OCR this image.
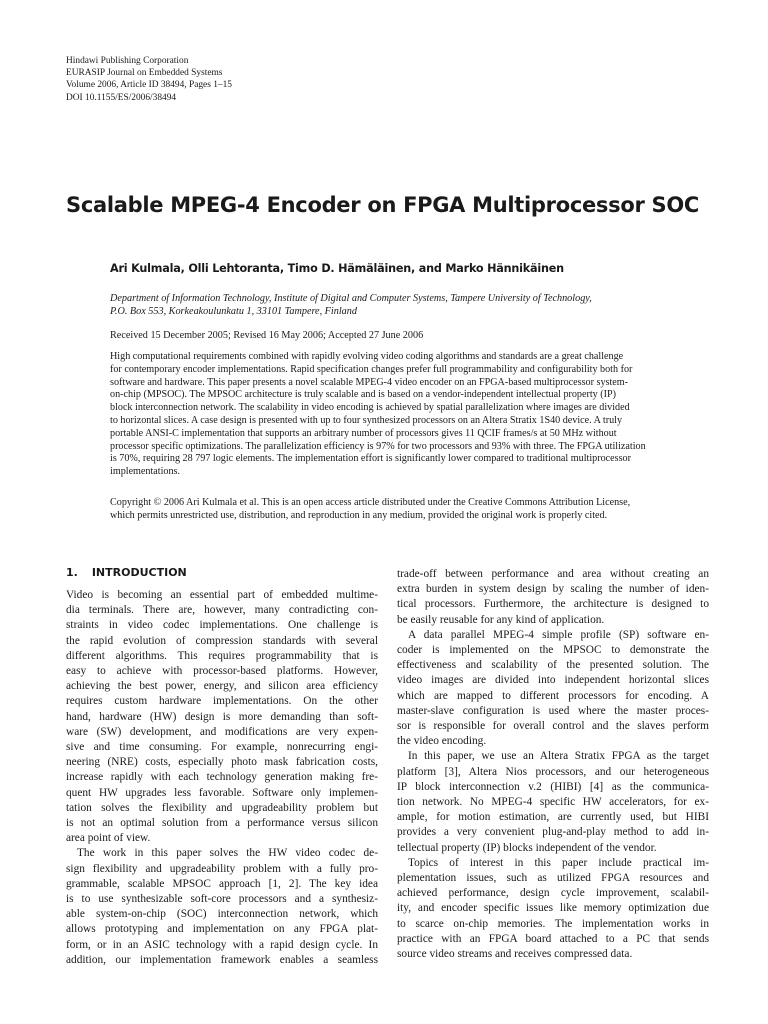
Hindawi Publishing Corporation
EURASIP Journal on Embedded Systems
Volume 2006, Article ID 38494, Pages 1–15
DOI 10.1155/ES/2006/38494
Scalable MPEG-4 Encoder on FPGA Multiprocessor SOC
Ari Kulmala, Olli Lehtoranta, Timo D. Hämäläinen, and Marko Hännikäinen
Department of Information Technology, Institute of Digital and Computer Systems, Tampere University of Technology,
P.O. Box 553, Korkeakoulunkatu 1, 33101 Tampere, Finland
Received 15 December 2005; Revised 16 May 2006; Accepted 27 June 2006
High computational requirements combined with rapidly evolving video coding algorithms and standards are a great challenge
for contemporary encoder implementations. Rapid specification changes prefer full programmability and configurability both for
software and hardware. This paper presents a novel scalable MPEG-4 video encoder on an FPGA-based multiprocessor system-
on-chip (MPSOC). The MPSOC architecture is truly scalable and is based on a vendor-independent intellectual property (IP)
block interconnection network. The scalability in video encoding is achieved by spatial parallelization where images are divided
to horizontal slices. A case design is presented with up to four synthesized processors on an Altera Stratix 1S40 device. A truly
portable ANSI-C implementation that supports an arbitrary number of processors gives 11 QCIF frames/s at 50 MHz without
processor specific optimizations. The parallelization efficiency is 97% for two processors and 93% with three. The FPGA utilization
is 70%, requiring 28 797 logic elements. The implementation effort is significantly lower compared to traditional multiprocessor
implementations.
Copyright © 2006 Ari Kulmala et al. This is an open access article distributed under the Creative Commons Attribution License,
which permits unrestricted use, distribution, and reproduction in any medium, provided the original work is properly cited.
1. INTRODUCTION
Video is becoming an essential part of embedded multime-
dia terminals. There are, however, many contradicting con-
straints in video codec implementations. One challenge is
the rapid evolution of compression standards with several
different algorithms. This requires programmability that is
easy to achieve with processor-based platforms. However,
achieving the best power, energy, and silicon area efficiency
requires custom hardware implementations. On the other
hand, hardware (HW) design is more demanding than soft-
ware (SW) development, and modifications are very expen-
sive and time consuming. For example, nonrecurring engi-
neering (NRE) costs, especially photo mask fabrication costs,
increase rapidly with each technology generation making fre-
quent HW upgrades less favorable. Software only implemen-
tation solves the flexibility and upgradeability problem but
is not an optimal solution from a performance versus silicon
area point of view.
The work in this paper solves the HW video codec de-
sign flexibility and upgradeability problem with a fully pro-
grammable, scalable MPSOC approach [1, 2]. The key idea
is to use synthesizable soft-core processors and a synthesiz-
able system-on-chip (SOC) interconnection network, which
allows prototyping and implementation on any FPGA plat-
form, or in an ASIC technology with a rapid design cycle. In
addition, our implementation framework enables a seamless
trade-off between performance and area without creating an
extra burden in system design by scaling the number of iden-
tical processors. Furthermore, the architecture is designed to
be easily reusable for any kind of application.
A data parallel MPEG-4 simple profile (SP) software en-
coder is implemented on the MPSOC to demonstrate the
effectiveness and scalability of the presented solution. The
video images are divided into independent horizontal slices
which are mapped to different processors for encoding. A
master-slave configuration is used where the master proces-
sor is responsible for overall control and the slaves perform
the video encoding.
In this paper, we use an Altera Stratix FPGA as the target
platform [3], Altera Nios processors, and our heterogeneous
IP block interconnection v.2 (HIBI) [4] as the communica-
tion network. No MPEG-4 specific HW accelerators, for ex-
ample, for motion estimation, are currently used, but HIBI
provides a very convenient plug-and-play method to add in-
tellectual property (IP) blocks independent of the vendor.
Topics of interest in this paper include practical im-
plementation issues, such as utilized FPGA resources and
achieved performance, design cycle improvement, scalabil-
ity, and encoder specific issues like memory optimization due
to scarce on-chip memories. The implementation works in
practice with an FPGA board attached to a PC that sends
source video streams and receives compressed data.
